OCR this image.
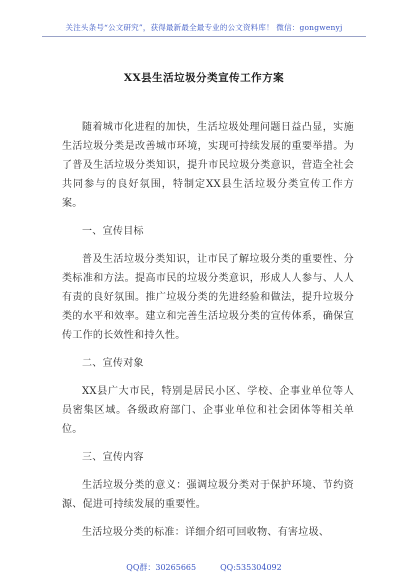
关注头条号“公文研究”，获得最新最全最专业的公文资料库！ 微信：gongwenyj
XX县生活垃圾分类宣传工作方案

随着城市化进程的加快，生活垃圾处理问题日益凸显，实施生活垃圾分类是改善城市环境，实现可持续发展的重要举措。为了普及生活垃圾分类知识，提升市民垃圾分类意识，营造全社会共同参与的良好氛围，特制定XX县生活垃圾分类宣传工作方案。

一、宣传目标

普及生活垃圾分类知识，让市民了解垃圾分类的重要性、分类标准和方法。提高市民的垃圾分类意识，形成人人参与、人人有责的良好氛围。推广垃圾分类的先进经验和做法，提升垃圾分类的水平和效率。建立和完善生活垃圾分类的宣传体系，确保宣传工作的长效性和持久性。

二、宣传对象

XX县广大市民，特别是居民小区、学校、企事业单位等人员密集区域。各级政府部门、企事业单位和社会团体等相关单位。

三、宣传内容

生活垃圾分类的意义：强调垃圾分类对于保护环境、节约资源、促进可持续发展的重要性。

生活垃圾分类的标准：详细介绍可回收物、有害垃圾、

QQ群：30265665	QQ:535304092
